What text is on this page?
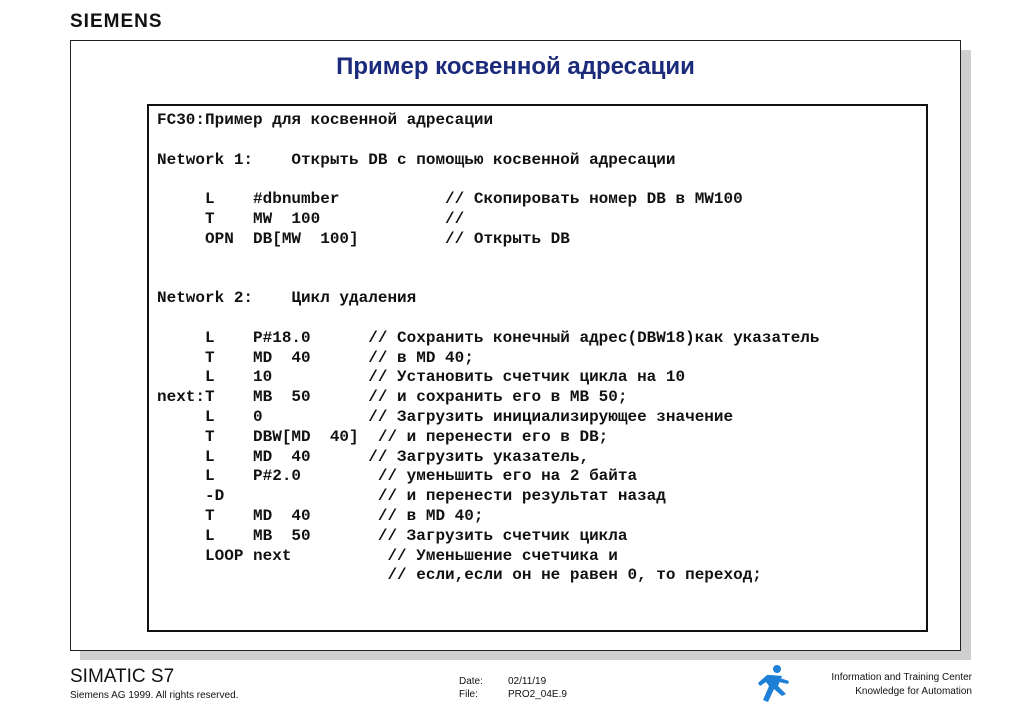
SIEMENS
Пример косвенной адресации
FC30:Пример для косвенной адресации
Network 1:    Открыть DB с помощью косвенной адресации
L    #dbnumber           // Скопировать номер DB в MW100
T    MW  100             //
OPN  DB[MW  100]         // Открыть DB
Network 2:    Цикл удаления
L    P#18.0      // Сохранить конечный адрес(DBW18)как указатель
T    MD  40      // в MD 40;
L    10          // Установить счетчик цикла на 10
next:T    MB  50      // и сохранить его в MB 50;
L    0           // Загрузить инициализирующее значение
T    DBW[MD  40]  // и перенести его в DB;
L    MD  40      // Загрузить указатель,
L    P#2.0        // уменьшить его на 2 байта
-D                // и перенести результат назад
T    MD  40       // в MD 40;
L    MB  50       // Загрузить счетчик цикла
LOOP next          // Уменьшение счетчика и
// если,если он не равен 0, то переход;
SIMATIC S7
Siemens AG 1999. All rights reserved.
Date:	02/11/19
File:	PRO2_04E.9
Information and Training Center
Knowledge for Automation
